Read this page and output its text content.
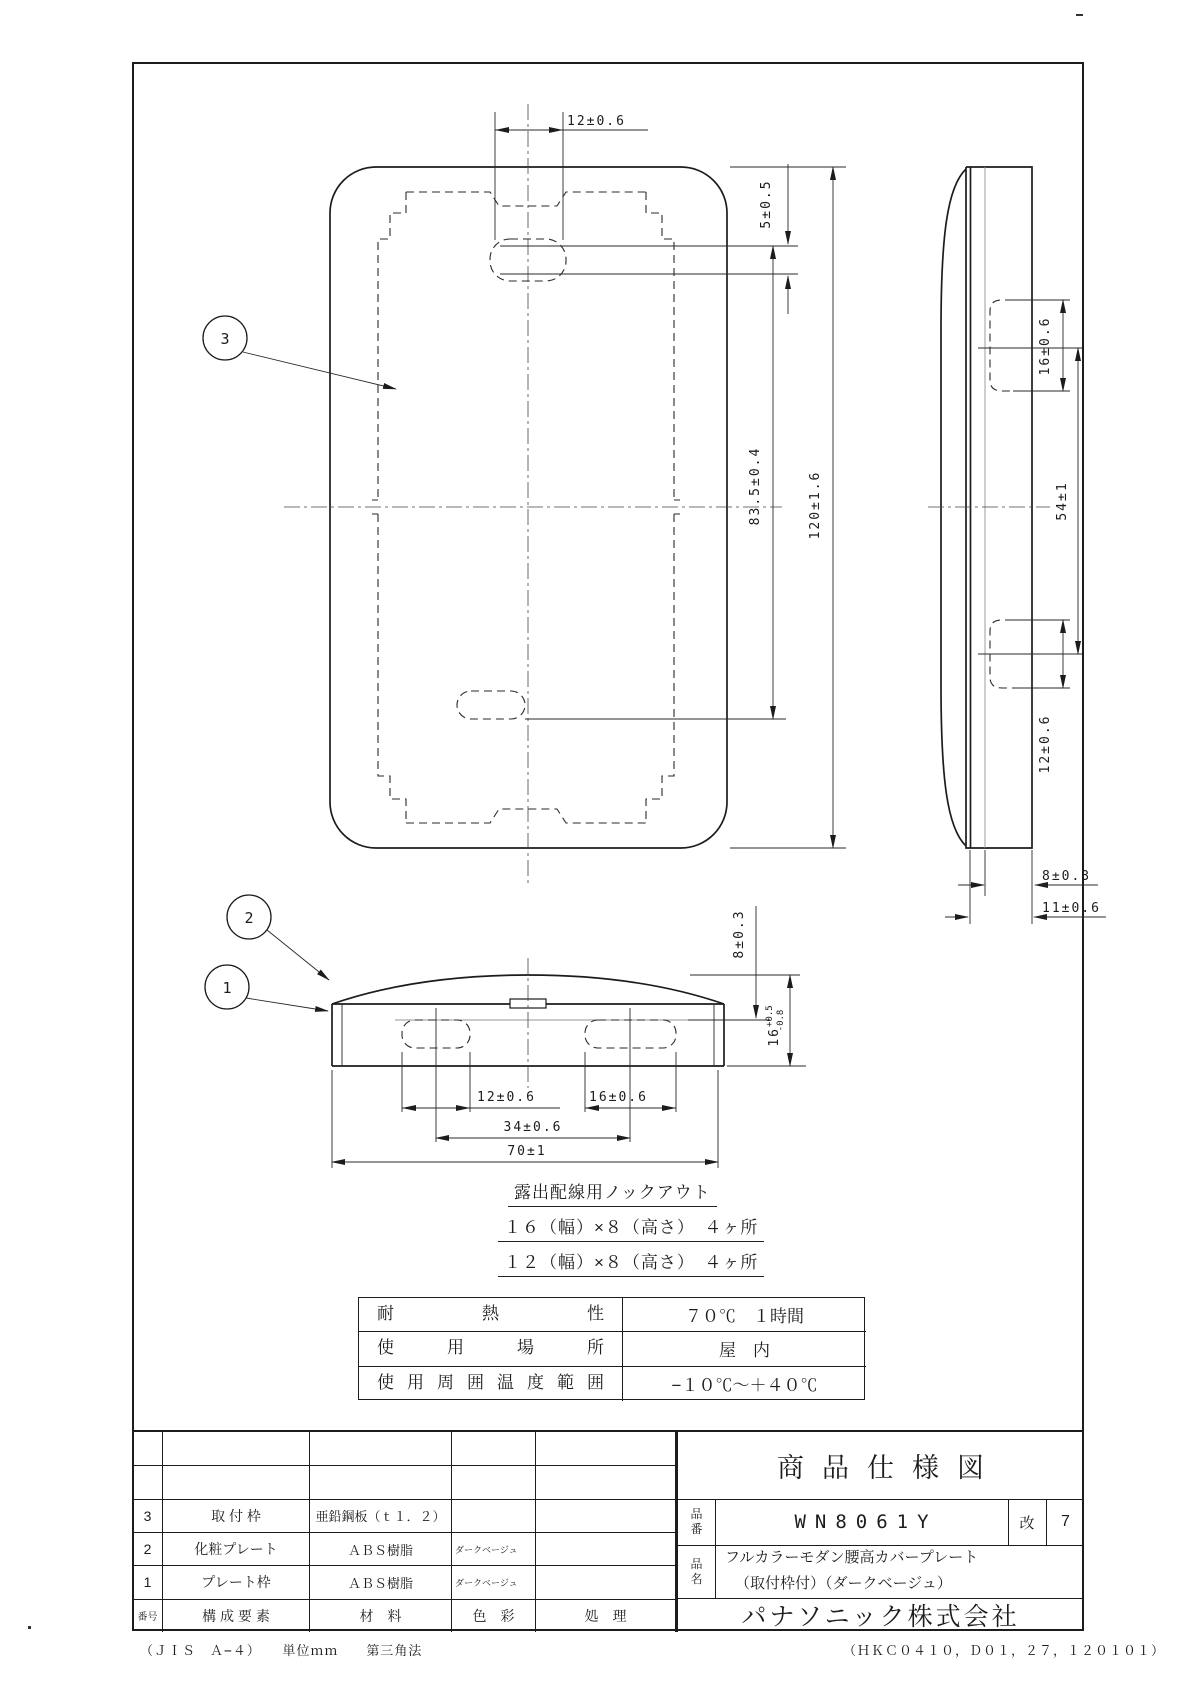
12±0.6
5±0.5
83.5±0.4	120±1.6
16±0.6
54±1
12±0.6
8±0.3
11±0.6
8±0.3
$16^{+0.5}-0.8$
12±0.6	16±0.6
34±0.6
70±1
3
2
1
露出配線用ノックアウト
１６（幅）×８（高さ）　４ヶ所
１２（幅）×８（高さ）　４ヶ所
耐 熱 性	７０℃　１時間
使 用 場 所	屋　内
使 用 周 囲 温 度 範 囲	−１０℃～＋４０℃
3	取 付 枠	亜鉛鋼板（ｔ１．２）
2	化粧プレート	ＡＢＳ樹脂	ダークベージュ
1	プレート枠	ＡＢＳ樹脂	ダークベージュ
番号	構 成 要 素	材　料	色　彩	処　理
商品仕様図
品
番	WN8061Y	改	7
品
名
フルカラーモダン腰高カバープレート
（取付枠付）（ダークベージュ）
パナソニック株式会社
（ＪＩＳ　Ａ−４）　　単位ｍｍ　　第三角法	（ＨＫＣ０４１０，Ｄ０１，２７，１２０１０１）
